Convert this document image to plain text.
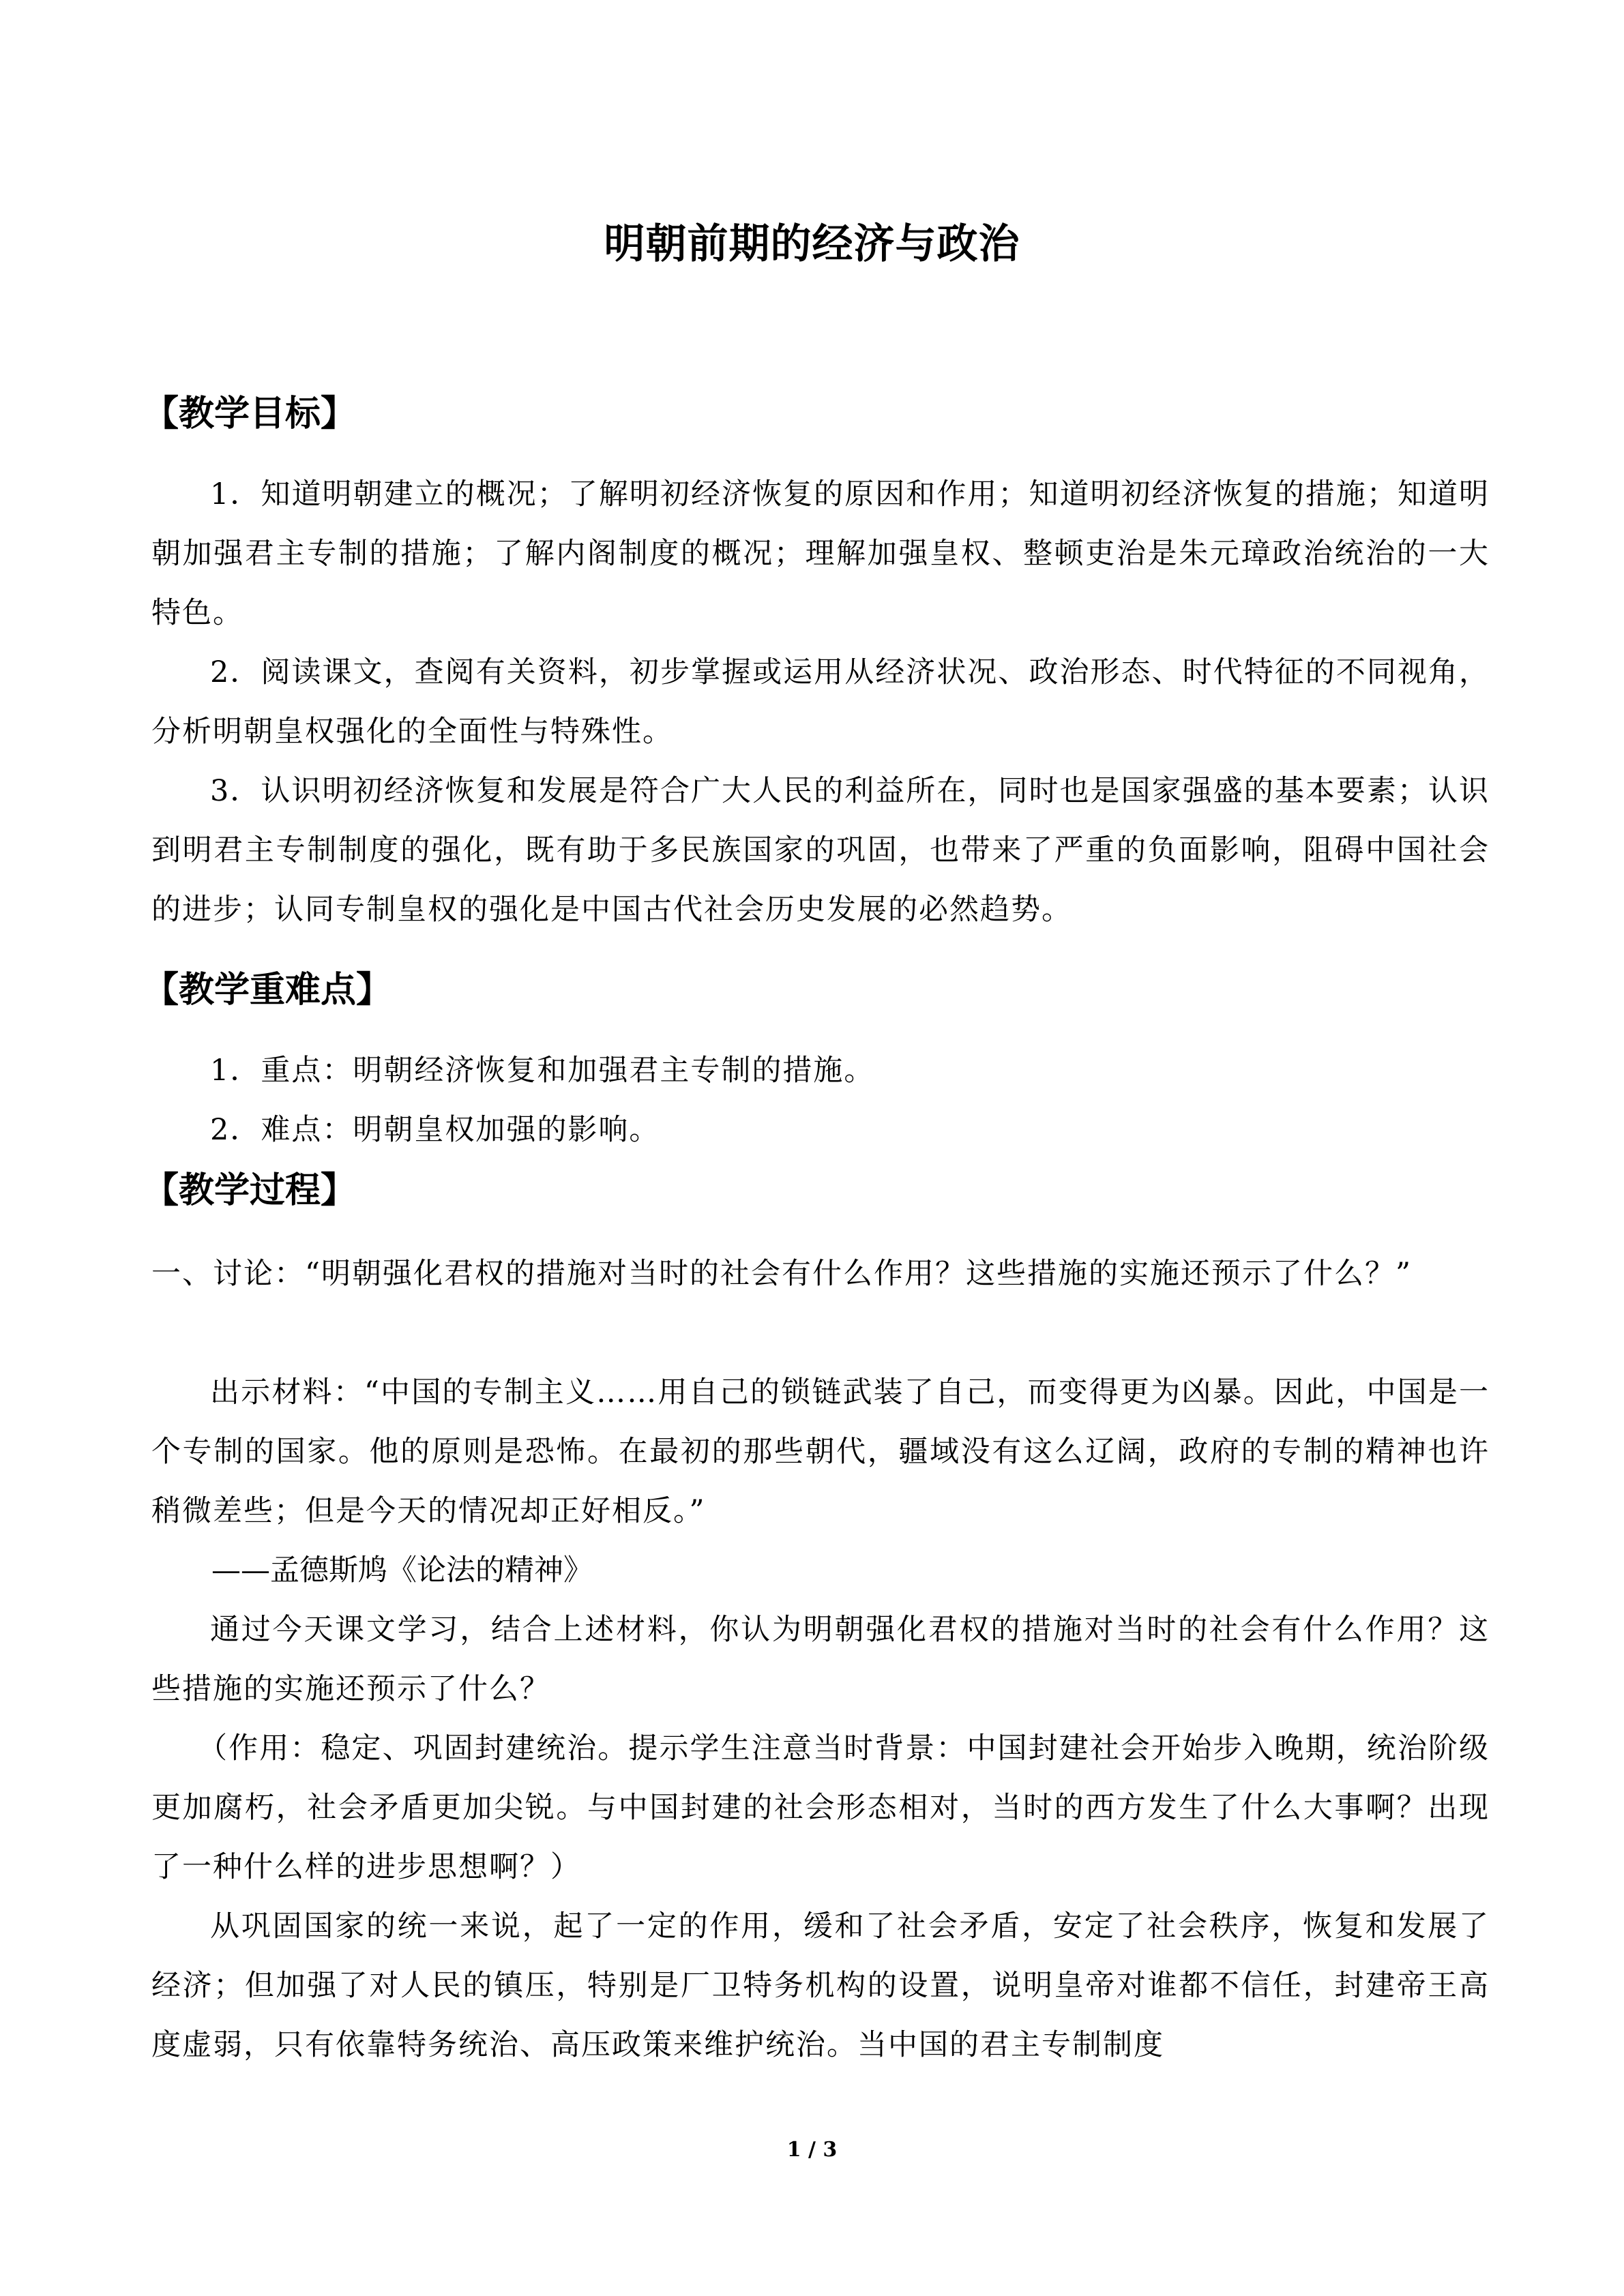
明朝前期的经济与政治
【教学目标】
1．知道明朝建立的概况；了解明初经济恢复的原因和作用；知道明初经济恢复的措施；知道明朝加强君主专制的措施；了解内阁制度的概况；理解加强皇权、整顿吏治是朱元璋政治统治的一大特色。
2．阅读课文，查阅有关资料，初步掌握或运用从经济状况、政治形态、时代特征的不同视角，分析明朝皇权强化的全面性与特殊性。
3．认识明初经济恢复和发展是符合广大人民的利益所在，同时也是国家强盛的基本要素；认识到明君主专制制度的强化，既有助于多民族国家的巩固，也带来了严重的负面影响，阻碍中国社会的进步；认同专制皇权的强化是中国古代社会历史发展的必然趋势。
【教学重难点】
1．重点：明朝经济恢复和加强君主专制的措施。
2．难点：明朝皇权加强的影响。
【教学过程】
一、讨论：“明朝强化君权的措施对当时的社会有什么作用？这些措施的实施还预示了什么？”
出示材料：“中国的专制主义……用自己的锁链武装了自己，而变得更为凶暴。因此，中国是一个专制的国家。他的原则是恐怖。在最初的那些朝代，疆域没有这么辽阔，政府的专制的精神也许稍微差些；但是今天的情况却正好相反。”
——孟德斯鸠《论法的精神》
通过今天课文学习，结合上述材料，你认为明朝强化君权的措施对当时的社会有什么作用？这些措施的实施还预示了什么？
（作用：稳定、巩固封建统治。提示学生注意当时背景：中国封建社会开始步入晚期，统治阶级更加腐朽，社会矛盾更加尖锐。与中国封建的社会形态相对，当时的西方发生了什么大事啊？出现了一种什么样的进步思想啊？）
从巩固国家的统一来说，起了一定的作用，缓和了社会矛盾，安定了社会秩序，恢复和发展了经济；但加强了对人民的镇压，特别是厂卫特务机构的设置，说明皇帝对谁都不信任，封建帝王高度虚弱，只有依靠特务统治、高压政策来维护统治。当中国的君主专制制度
1 / 3
